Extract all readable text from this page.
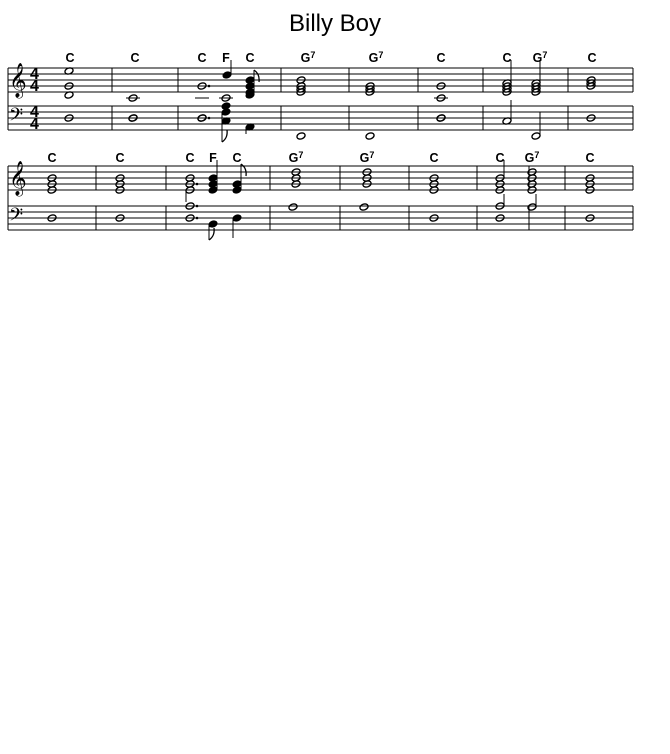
Billy Boy
𝄞
𝄢
4
4
4
4
C	C	C F C	$G^7$	$G^7$	C	C $G^7$	C
𝄞
𝄢
C	C	C F C	$G^7$	$G^7$	C	C $G^7$	C
